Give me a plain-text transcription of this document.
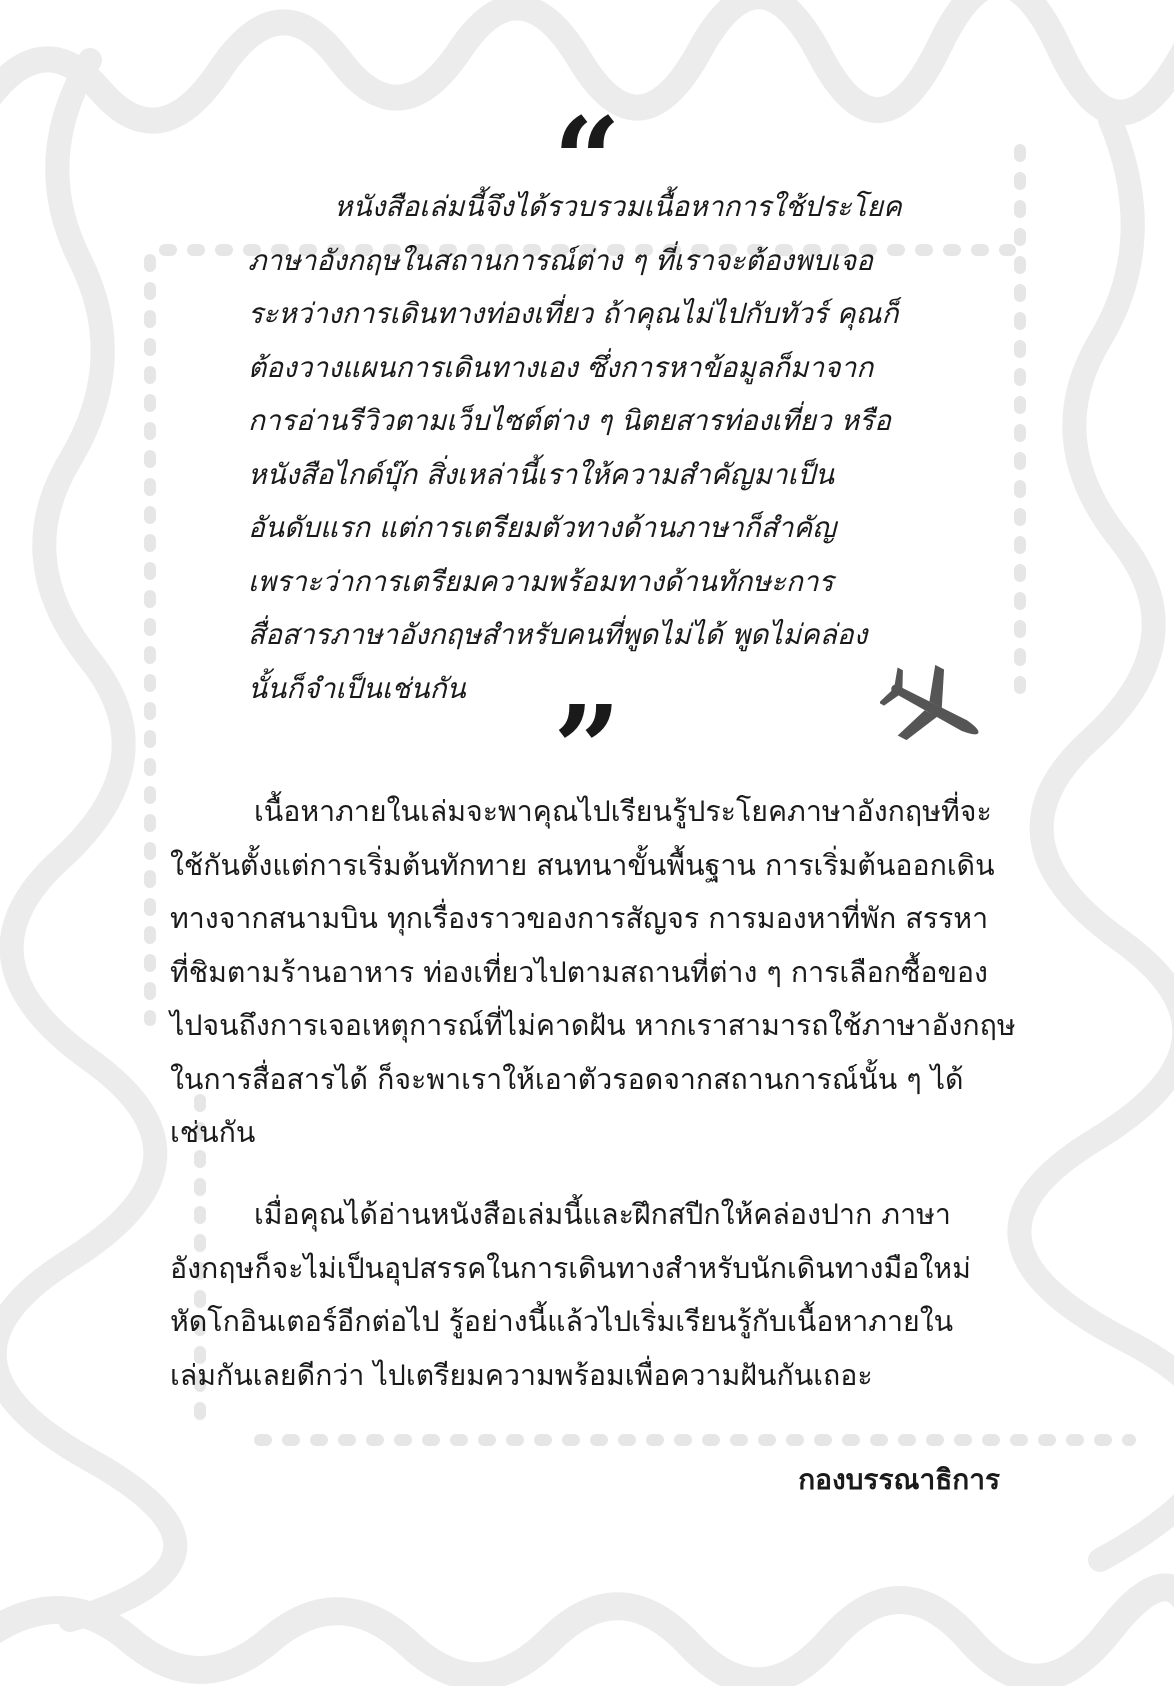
“
หนังสือเล่มนี้จึงได้รวบรวมเนื้อหาการใช้ประโยค
ภาษาอังกฤษในสถานการณ์ต่าง ๆ ที่เราจะต้องพบเจอ
ระหว่างการเดินทางท่องเที่ยว ถ้าคุณไม่ไปกับทัวร์ คุณก็
ต้องวางแผนการเดินทางเอง ซึ่งการหาข้อมูลก็มาจาก
การอ่านรีวิวตามเว็บไซต์ต่าง ๆ นิตยสารท่องเที่ยว หรือ
หนังสือไกด์บุ๊ก สิ่งเหล่านี้เราให้ความสำคัญมาเป็น
อันดับแรก แต่การเตรียมตัวทางด้านภาษาก็สำคัญ
เพราะว่าการเตรียมความพร้อมทางด้านทักษะการ
สื่อสารภาษาอังกฤษสำหรับคนที่พูดไม่ได้ พูดไม่คล่อง
นั้นก็จำเป็นเช่นกัน ”
เนื้อหาภายในเล่มจะพาคุณไปเรียนรู้ประโยคภาษาอังกฤษที่จะ
ใช้กันตั้งแต่การเริ่มต้นทักทาย สนทนาขั้นพื้นฐาน การเริ่มต้นออกเดิน
ทางจากสนามบิน ทุกเรื่องราวของการสัญจร การมองหาที่พัก สรรหา
ที่ชิมตามร้านอาหาร ท่องเที่ยวไปตามสถานที่ต่าง ๆ การเลือกซื้อของ
ไปจนถึงการเจอเหตุการณ์ที่ไม่คาดฝัน หากเราสามารถใช้ภาษาอังกฤษ
ในการสื่อสารได้ ก็จะพาเราให้เอาตัวรอดจากสถานการณ์นั้น ๆ ได้
เช่นกัน
เมื่อคุณได้อ่านหนังสือเล่มนี้และฝึกสปีกให้คล่องปาก ภาษา
อังกฤษก็จะไม่เป็นอุปสรรคในการเดินทางสำหรับนักเดินทางมือใหม่
หัดโกอินเตอร์อีกต่อไป รู้อย่างนี้แล้วไปเริ่มเรียนรู้กับเนื้อหาภายใน
เล่มกันเลยดีกว่า ไปเตรียมความพร้อมเพื่อความฝันกันเถอะ
กองบรรณาธิการ
